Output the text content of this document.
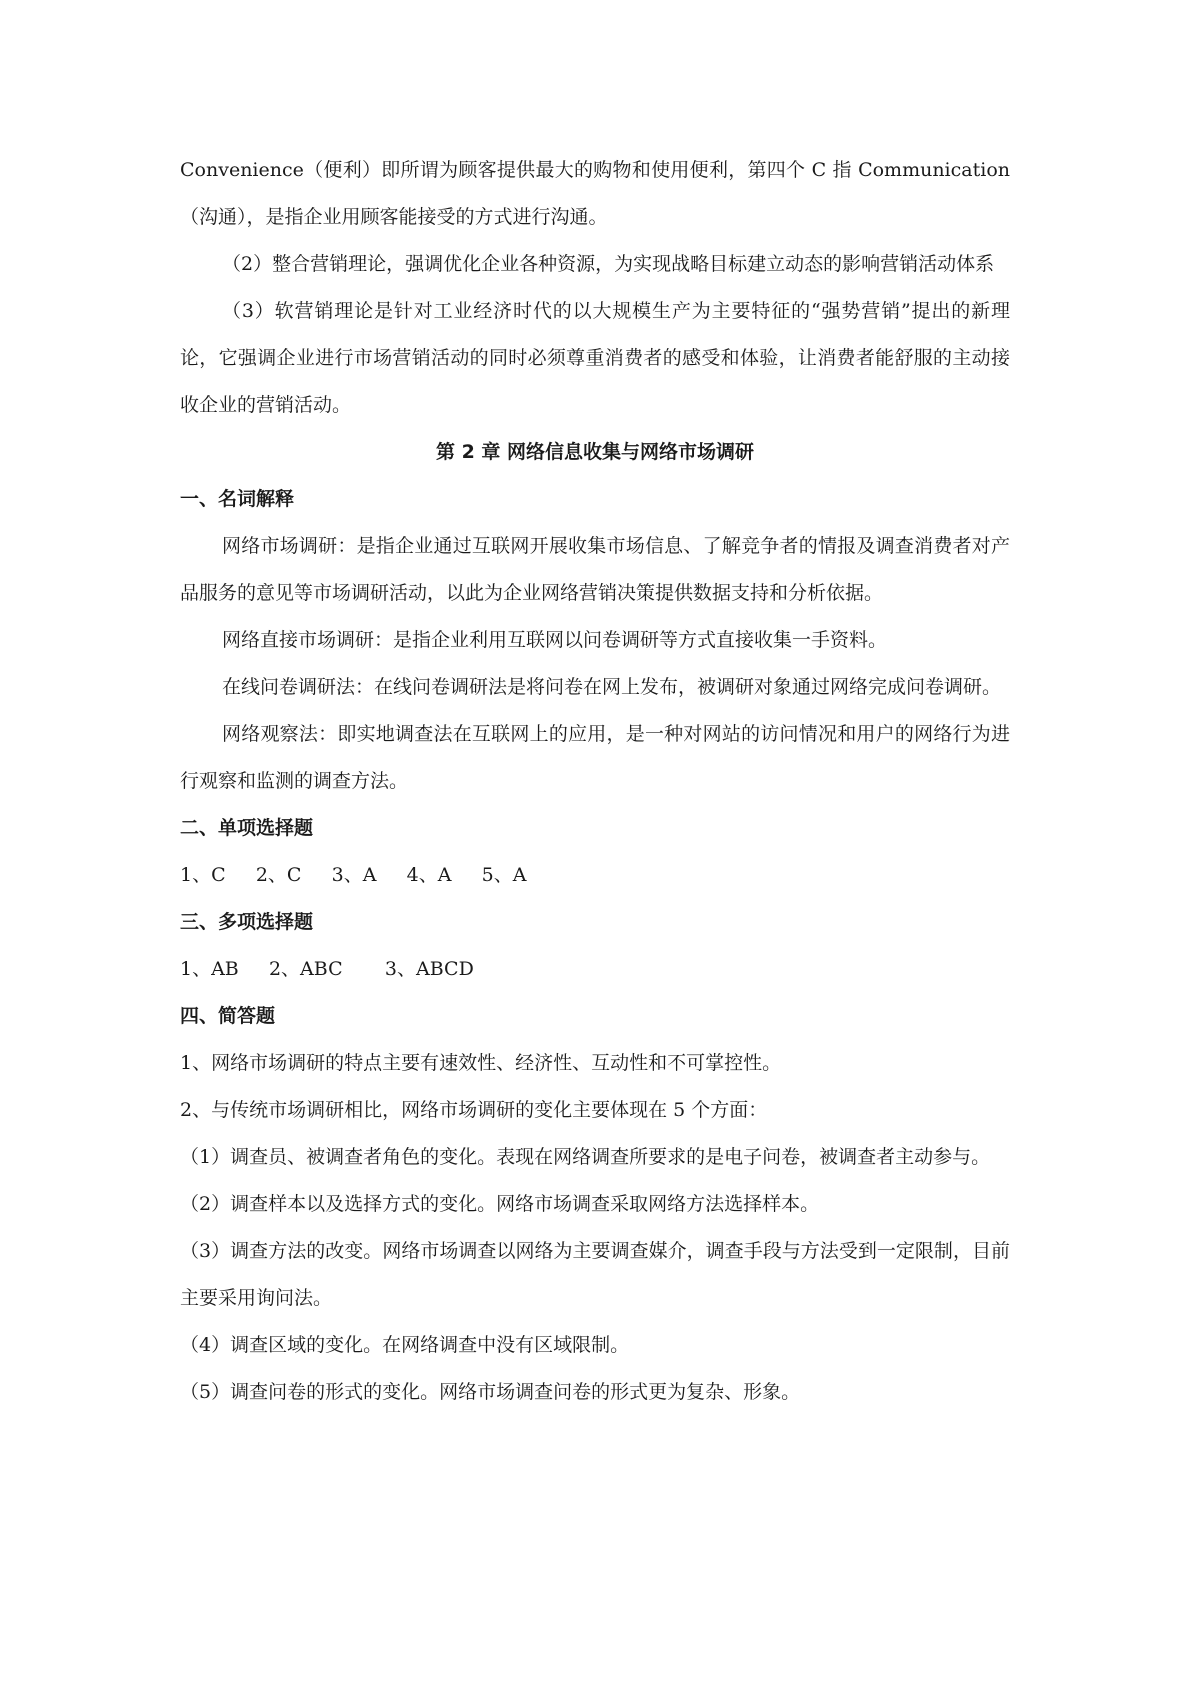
Convenience（便利）即所谓为顾客提供最大的购物和使用便利，第四个 C 指 Communication（沟通），是指企业用顾客能接受的方式进行沟通。

（2）整合营销理论，强调优化企业各种资源，为实现战略目标建立动态的影响营销活动体系

（3）软营销理论是针对工业经济时代的以大规模生产为主要特征的“强势营销”提出的新理论，它强调企业进行市场营销活动的同时必须尊重消费者的感受和体验，让消费者能舒服的主动接收企业的营销活动。

第 2 章 网络信息收集与网络市场调研

一、名词解释

网络市场调研：是指企业通过互联网开展收集市场信息、了解竞争者的情报及调查消费者对产品服务的意见等市场调研活动，以此为企业网络营销决策提供数据支持和分析依据。

网络直接市场调研：是指企业利用互联网以问卷调研等方式直接收集一手资料。

在线问卷调研法：在线问卷调研法是将问卷在网上发布，被调研对象通过网络完成问卷调研。

网络观察法：即实地调查法在互联网上的应用，是一种对网站的访问情况和用户的网络行为进行观察和监测的调查方法。

二、单项选择题

1、C     2、C     3、A     4、A     5、A

三、多项选择题

1、AB     2、ABC       3、ABCD

四、简答题

1、网络市场调研的特点主要有速效性、经济性、互动性和不可掌控性。

2、与传统市场调研相比，网络市场调研的变化主要体现在 5 个方面：

（1）调查员、被调查者角色的变化。表现在网络调查所要求的是电子问卷，被调查者主动参与。

（2）调查样本以及选择方式的变化。网络市场调查采取网络方法选择样本。

（3）调查方法的改变。网络市场调查以网络为主要调查媒介，调查手段与方法受到一定限制，目前主要采用询问法。

（4）调查区域的变化。在网络调查中没有区域限制。

（5）调查问卷的形式的变化。网络市场调查问卷的形式更为复杂、形象。
